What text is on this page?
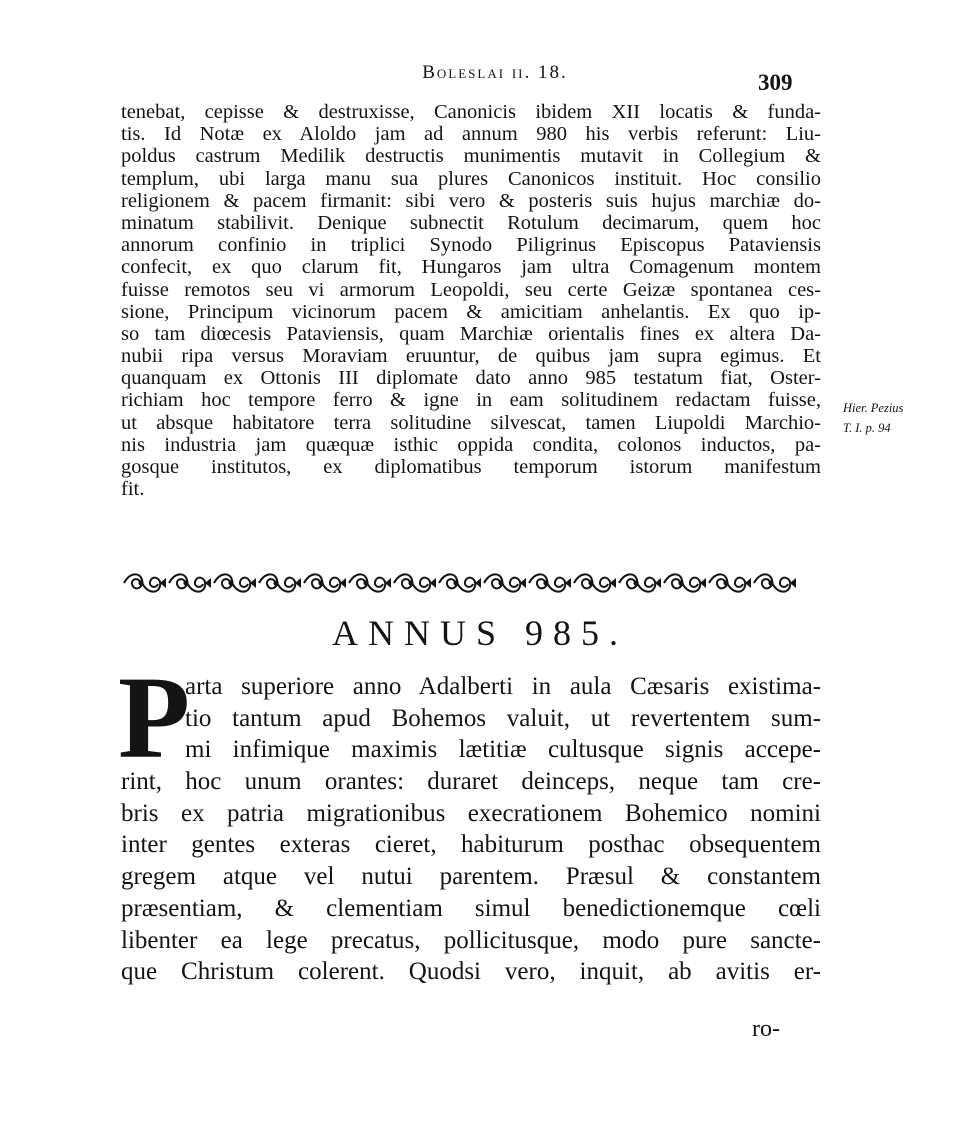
Boleslai ii. 18.	309
tenebat, cepisse & destruxisse, Canonicis ibidem XII locatis & funda-
tis. Id Notæ ex Aloldo jam ad annum 980 his verbis referunt: Liu-
poldus castrum Medilik destructis munimentis mutavit in Collegium &
templum, ubi larga manu sua plures Canonicos instituit. Hoc consilio
religionem & pacem firmanit: sibi vero & posteris suis hujus marchiæ do-
minatum stabilivit. Denique subnectit Rotulum decimarum, quem hoc
annorum confinio in triplici Synodo Piligrinus Episcopus Pataviensis
confecit, ex quo clarum fit, Hungaros jam ultra Comagenum montem
fuisse remotos seu vi armorum Leopoldi, seu certe Geizæ spontanea ces-
sione, Principum vicinorum pacem & amicitiam anhelantis. Ex quo ip-
so tam diœcesis Pataviensis, quam Marchiæ orientalis fines ex altera Da-
nubii ripa versus Moraviam eruuntur, de quibus jam supra egimus. Et
quanquam ex Ottonis III diplomate dato anno 985 testatum fiat, Oster-
richiam hoc tempore ferro & igne in eam solitudinem redactam fuisse,
ut absque habitatore terra solitudine silvescat, tamen Liupoldi Marchio-
nis industria jam quæquæ isthic oppida condita, colonos inductos, pa-
gosque institutos, ex diplomatibus temporum istorum manifestum
fit.
Hier. Pezius
T. I. p. 94
ANNUS 985.
P
arta superiore anno Adalberti in aula Cæsaris existima-
tio tantum apud Bohemos valuit, ut revertentem sum-
mi infimique maximis lætitiæ cultusque signis accepe-
rint, hoc unum orantes: duraret deinceps, neque tam cre-
bris ex patria migrationibus execrationem Bohemico nomini
inter gentes exteras cieret, habiturum posthac obsequentem
gregem atque vel nutui parentem. Præsul & constantem
præsentiam, & clementiam simul benedictionemque cœli
libenter ea lege precatus, pollicitusque, modo pure sancte-
que Christum colerent. Quodsi vero, inquit, ab avitis er-
ro-
